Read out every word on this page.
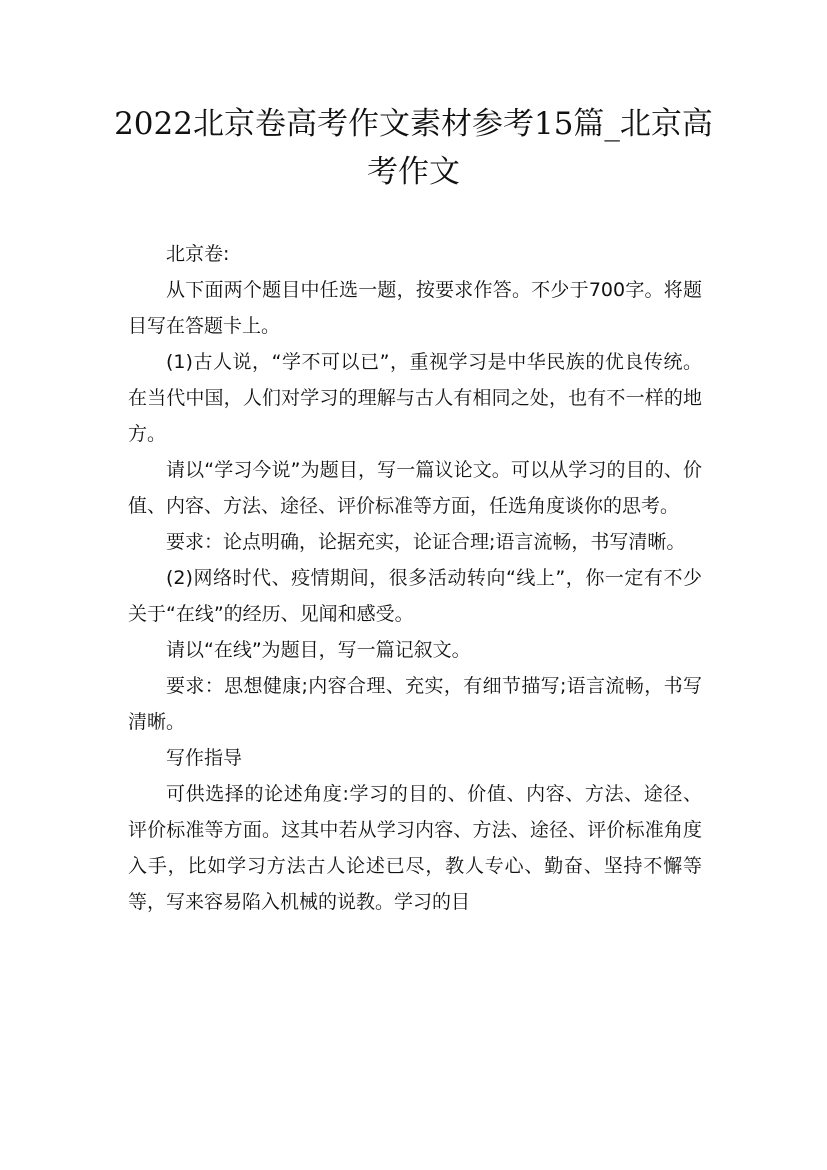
2022北京卷高考作文素材参考15篇_北京高考作文

北京卷:

从下面两个题目中任选一题，按要求作答。不少于700字。将题目写在答题卡上。

(1)古人说，“学不可以已”，重视学习是中华民族的优良传统。在当代中国，人们对学习的理解与古人有相同之处，也有不一样的地方。

请以“学习今说”为题目，写一篇议论文。可以从学习的目的、价值、内容、方法、途径、评价标准等方面，任选角度谈你的思考。

要求：论点明确，论据充实，论证合理;语言流畅，书写清晰。

(2)网络时代、疫情期间，很多活动转向“线上”，你一定有不少关于“在线”的经历、见闻和感受。

请以“在线”为题目，写一篇记叙文。

要求：思想健康;内容合理、充实，有细节描写;语言流畅，书写清晰。

写作指导

可供选择的论述角度:学习的目的、价值、内容、方法、途径、评价标准等方面。这其中若从学习内容、方法、途径、评价标准角度入手，比如学习方法古人论述已尽，教人专心、勤奋、坚持不懈等等，写来容易陷入机械的说教。学习的目
